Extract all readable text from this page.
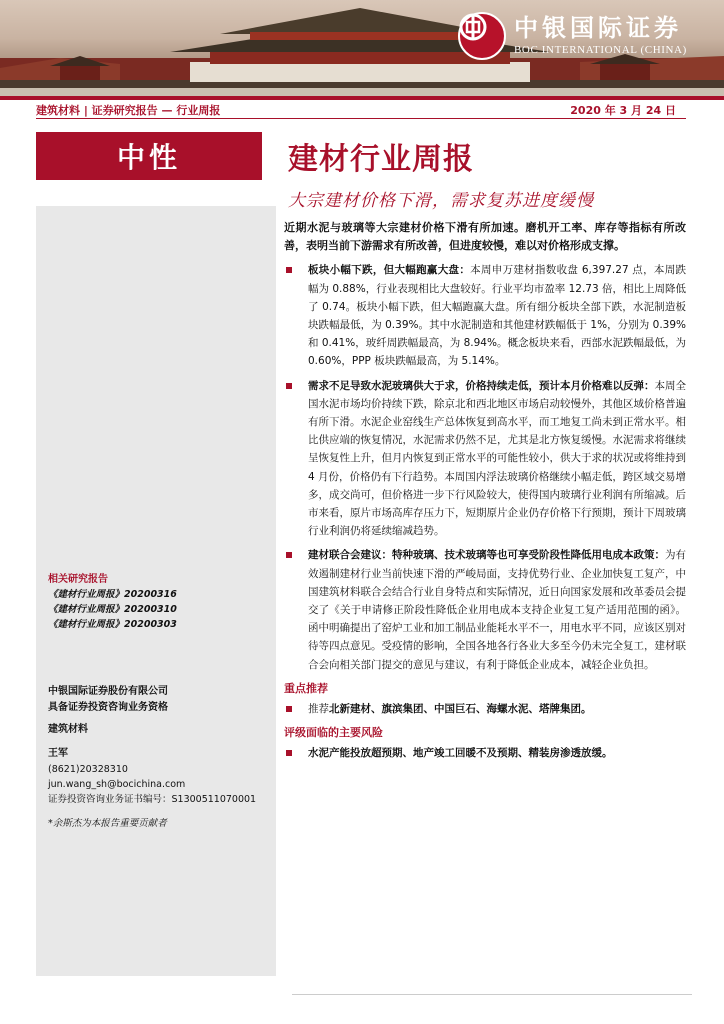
中银国际证券
BOC INTERNATIONAL (CHINA)
建筑材料 | 证券研究报告 — 行业周报	2020 年 3 月 24 日
中性	建材行业周报
大宗建材价格下滑，需求复苏进度缓慢
相关研究报告
《建材行业周报》20200316
《建材行业周报》20200310
《建材行业周报》20200303
中银国际证券股份有限公司
具备证券投资咨询业务资格
建筑材料
王军
(8621)20328310
jun.wang_sh@bocichina.com
证券投资咨询业务证书编号：S1300511070001
*余斯杰为本报告重要贡献者
近期水泥与玻璃等大宗建材价格下滑有所加速。磨机开工率、库存等指标有所改善，表明当前下游需求有所改善，但进度较慢，难以对价格形成支撑。
板块小幅下跌，但大幅跑赢大盘：本周申万建材指数收盘 6,397.27 点，本周跌幅为 0.88%，行业表现相比大盘较好。行业平均市盈率 12.73 倍，相比上周降低了 0.74。板块小幅下跌，但大幅跑赢大盘。所有细分板块全部下跌，水泥制造板块跌幅最低，为 0.39%。其中水泥制造和其他建材跌幅低于 1%，分别为 0.39%和 0.41%，玻纤周跌幅最高，为 8.94%。概念板块来看，西部水泥跌幅最低，为 0.60%，PPP 板块跌幅最高，为 5.14%。
需求不足导致水泥玻璃供大于求，价格持续走低，预计本月价格难以反弹：本周全国水泥市场均价持续下跌，除京北和西北地区市场启动较慢外，其他区域价格普遍有所下滑。水泥企业窑线生产总体恢复到高水平，而工地复工尚未到正常水平。相比供应端的恢复情况，水泥需求仍然不足，尤其是北方恢复缓慢。水泥需求将继续呈恢复性上升，但月内恢复到正常水平的可能性较小，供大于求的状况或将维持到 4 月份，价格仍有下行趋势。本周国内浮法玻璃价格继续小幅走低，跨区域交易增多，成交尚可，但价格进一步下行风险较大，使得国内玻璃行业利润有所缩减。后市来看，原片市场高库存压力下，短期原片企业仍存价格下行预期，预计下周玻璃行业利润仍将延续缩减趋势。
建材联合会建议：特种玻璃、技术玻璃等也可享受阶段性降低用电成本政策：为有效遏制建材行业当前快速下滑的严峻局面，支持优势行业、企业加快复工复产，中国建筑材料联合会结合行业自身特点和实际情况，近日向国家发展和改革委员会提交了《关于申请修正阶段性降低企业用电成本支持企业复工复产适用范围的函》。函中明确提出了窑炉工业和加工制品业能耗水平不一，用电水平不同，应该区别对待等四点意见。受疫情的影响，全国各地各行各业大多至今仍未完全复工，建材联合会向相关部门提交的意见与建议，有利于降低企业成本，减轻企业负担。
重点推荐
推荐北新建材、旗滨集团、中国巨石、海螺水泥、塔牌集团。
评级面临的主要风险
水泥产能投放超预期、地产竣工回暖不及预期、精装房渗透放缓。
